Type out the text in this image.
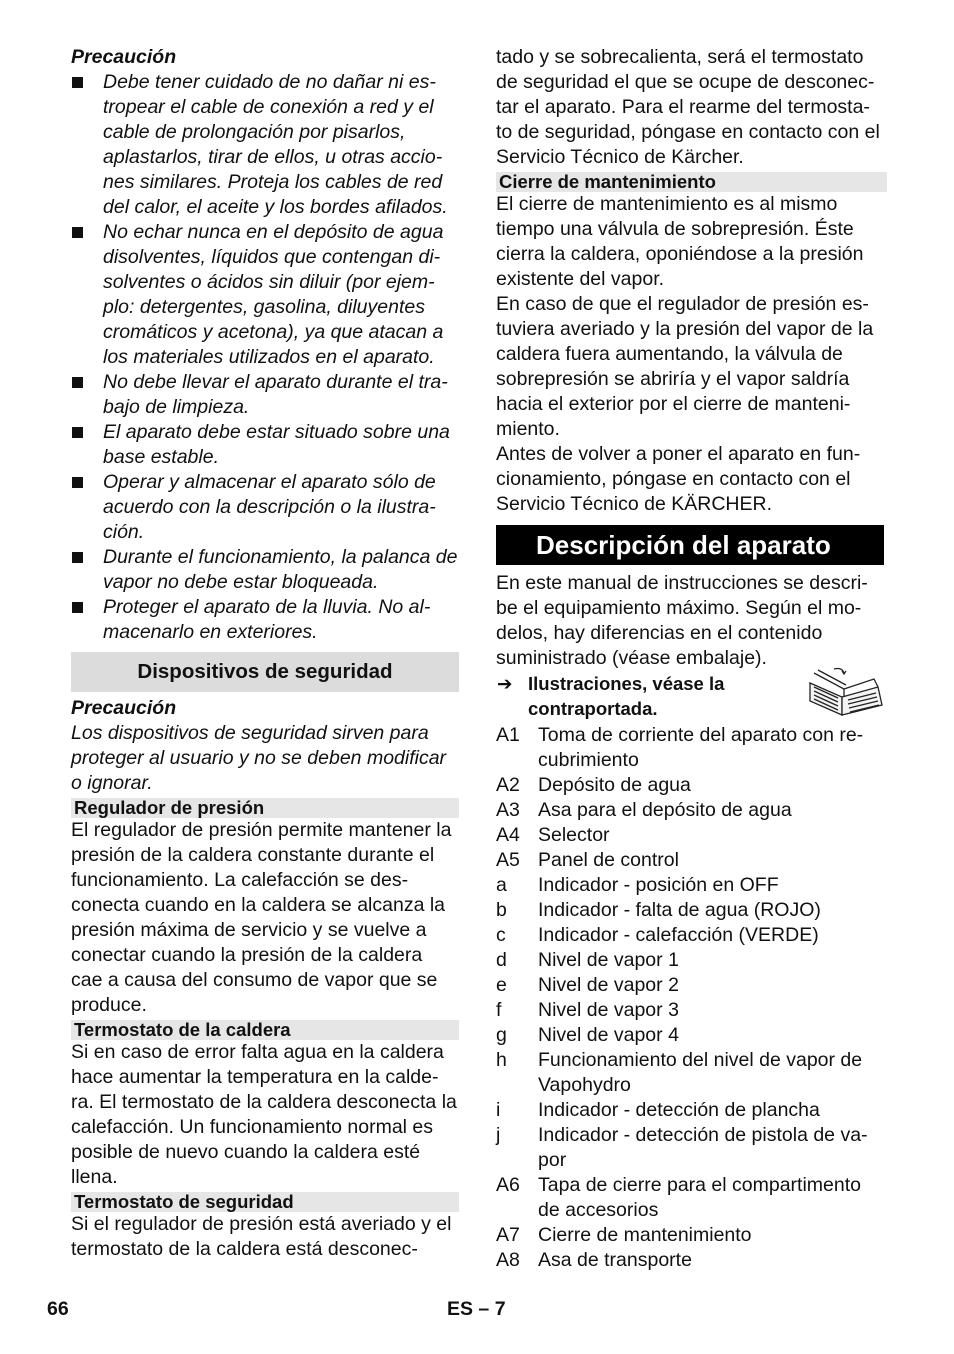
Precaución

Debe tener cuidado de no dañar ni es-tropear el cable de conexión a red y el cable de prolongación por pisarlos, aplastarlos, tirar de ellos, u otras accio-nes similares. Proteja los cables de red del calor, el aceite y los bordes afilados.
No echar nunca en el depósito de agua disolventes, líquidos que contengan di-solventes o ácidos sin diluir (por ejem-plo: detergentes, gasolina, diluyentes cromáticos y acetona), ya que atacan a los materiales utilizados en el aparato.
No debe llevar el aparato durante el tra-bajo de limpieza.
El aparato debe estar situado sobre una base estable.
Operar y almacenar el aparato sólo de acuerdo con la descripción o la ilustra-ción.
Durante el funcionamiento, la palanca de vapor no debe estar bloqueada.
Proteger el aparato de la lluvia. No al-macenarlo en exteriores.
Dispositivos de seguridad

Precaución

Los dispositivos de seguridad sirven para proteger al usuario y no se deben modificar o ignorar.

Regulador de presión

El regulador de presión permite mantener la presión de la caldera constante durante el funcionamiento. La calefacción se des-conecta cuando en la caldera se alcanza la presión máxima de servicio y se vuelve a conectar cuando la presión de la caldera cae a causa del consumo de vapor que se produce.

Termostato de la caldera

Si en caso de error falta agua en la caldera hace aumentar la temperatura en la calde-ra. El termostato de la caldera desconecta la calefacción. Un funcionamiento normal es posible de nuevo cuando la caldera esté llena.

Termostato de seguridad

Si el regulador de presión está averiado y el termostato de la caldera está desconec-

tado y se sobrecalienta, será el termostato de seguridad el que se ocupe de desconec-tar el aparato. Para el rearme del termosta-to de seguridad, póngase en contacto con el Servicio Técnico de Kärcher.

Cierre de mantenimiento

El cierre de mantenimiento es al mismo tiempo una válvula de sobrepresión. Éste cierra la caldera, oponiéndose a la presión existente del vapor.

En caso de que el regulador de presión es-tuviera averiado y la presión del vapor de la caldera fuera aumentando, la válvula de sobrepresión se abriría y el vapor saldría hacia el exterior por el cierre de manteni-miento.

Antes de volver a poner el aparato en fun-cionamiento, póngase en contacto con el Servicio Técnico de KÄRCHER.

Descripción del aparato

En este manual de instrucciones se descri-be el equipamiento máximo. Según el mo-delos, hay diferencias en el contenido suministrado (véase embalaje).

➔ Ilustraciones, véase la
contraportada.
A1 Toma de corriente del aparato con re-cubrimiento
A2 Depósito de agua
A3 Asa para el depósito de agua
A4 Selector
A5 Panel de control
a	Indicador - posición en OFF
b	Indicador - falta de agua (ROJO)
c	Indicador - calefacción (VERDE)
d	Nivel de vapor 1
e	Nivel de vapor 2
f	Nivel de vapor 3
g	Nivel de vapor 4
h	Funcionamiento del nivel de vapor de Vapohydro
i	Indicador - detección de plancha
j	Indicador - detección de pistola de va-por
A6 Tapa de cierre para el compartimento de accesorios
A7 Cierre de mantenimiento
A8 Asa de transporte
66	ES – 7
